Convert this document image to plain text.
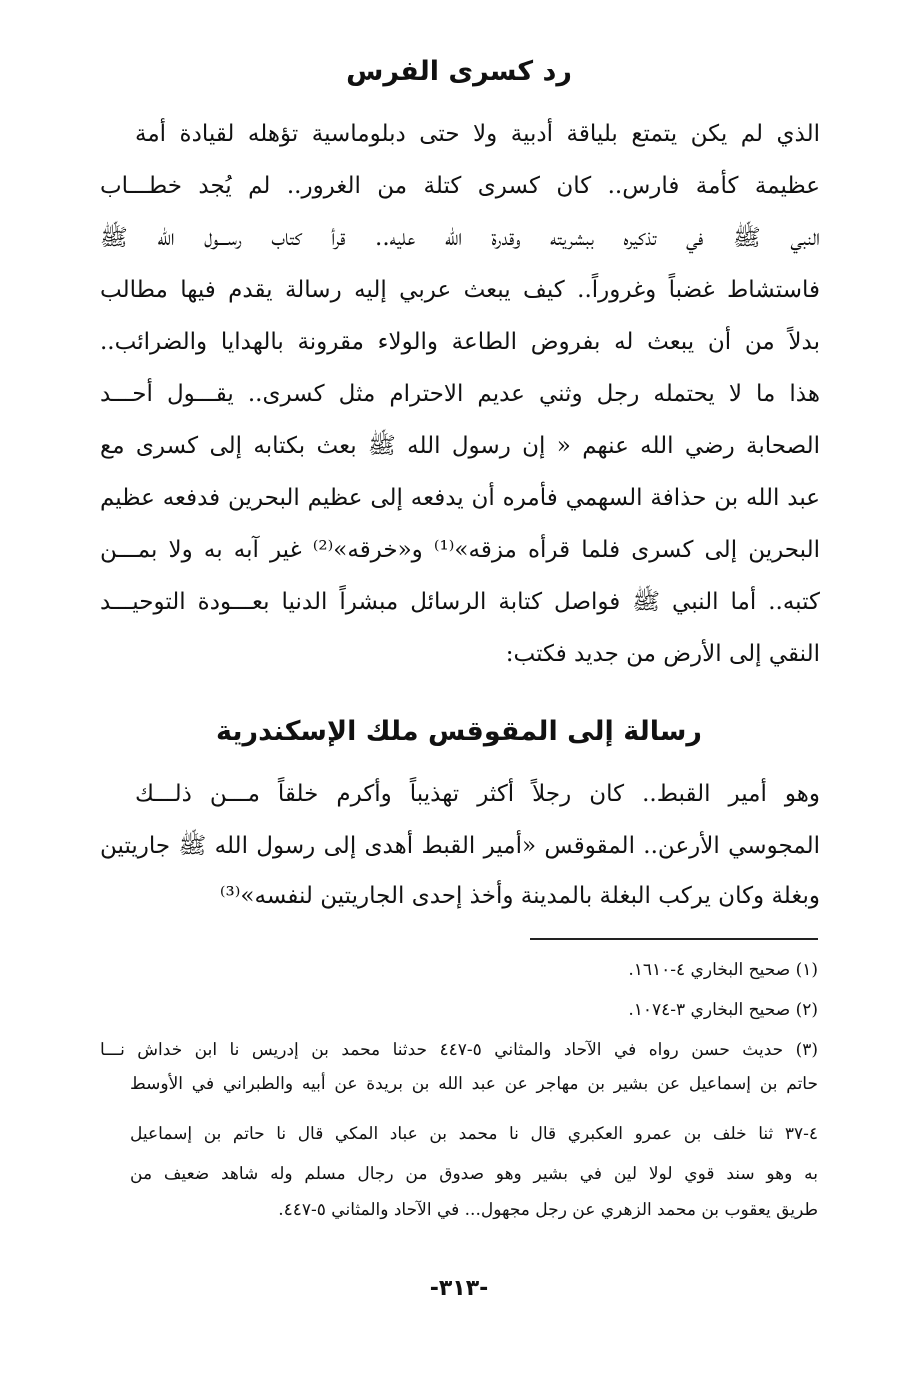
رد كسرى الفرس
الذي لم يكن يتمتع بلياقة أدبية ولا حتى دبلوماسية تؤهله لقيادة أمة
عظيمة كأمة فارس.. كان كسرى كتلة من الغرور.. لم يُجد خطـــاب
النبي ﷺ في تذكيره ببشريته وقدرة الله عليه.. قرأ كتاب رســـول الله ﷺ
فاستشاط غضباً وغروراً.. كيف يبعث عربي إليه رسالة يقدم فيها مطالب
بدلاً من أن يبعث له بفروض الطاعة والولاء مقرونة بالهدايا والضرائب..
هذا ما لا يحتمله رجل وثني عديم الاحترام مثل كسرى.. يقـــول أحـــد
الصحابة رضي الله عنهم « إن رسول الله ﷺ بعث بكتابه إلى كسرى مع
عبد الله بن حذافة السهمي فأمره أن يدفعه إلى عظيم البحرين فدفعه عظيم
البحرين إلى كسرى فلما قرأه مزقه»⁽¹⁾ و«خرقه»⁽²⁾ غير آبه به ولا بمـــن
كتبه.. أما النبي ﷺ فواصل كتابة الرسائل مبشراً الدنيا بعـــودة التوحيـــد
النقي إلى الأرض من جديد فكتب:
رسالة إلى المقوقس ملك الإسكندرية
وهو أمير القبط.. كان رجلاً أكثر تهذيباً وأكرم خلقاً مـــن ذلـــك
المجوسي الأرعن.. المقوقس «أمير القبط أهدى إلى رسول الله ﷺ جاريتين
وبغلة وكان يركب البغلة بالمدينة وأخذ إحدى الجاريتين لنفسه»⁽³⁾
(١) صحيح البخاري ٤-١٦١٠.
(٢) صحيح البخاري ٣-١٠٧٤.
(٣) حديث حسن رواه في الآحاد والمثاني ٥-٤٤٧ حدثنا محمد بن إدريس نا ابن خداش نـــا
حاتم بن إسماعيل عن بشير بن مهاجر عن عبد الله بن بريدة عن أبيه والطبراني في الأوسط
٤-٣٧ ثنا خلف بن عمرو العكبري قال نا محمد بن عباد المكي قال نا حاتم بن إسماعيل
به وهو سند قوي لولا لين في بشير وهو صدوق من رجال مسلم وله شاهد ضعيف من
طريق يعقوب بن محمد الزهري عن رجل مجهول... في الآحاد والمثاني ٥-٤٤٧.
-٣١٣-
